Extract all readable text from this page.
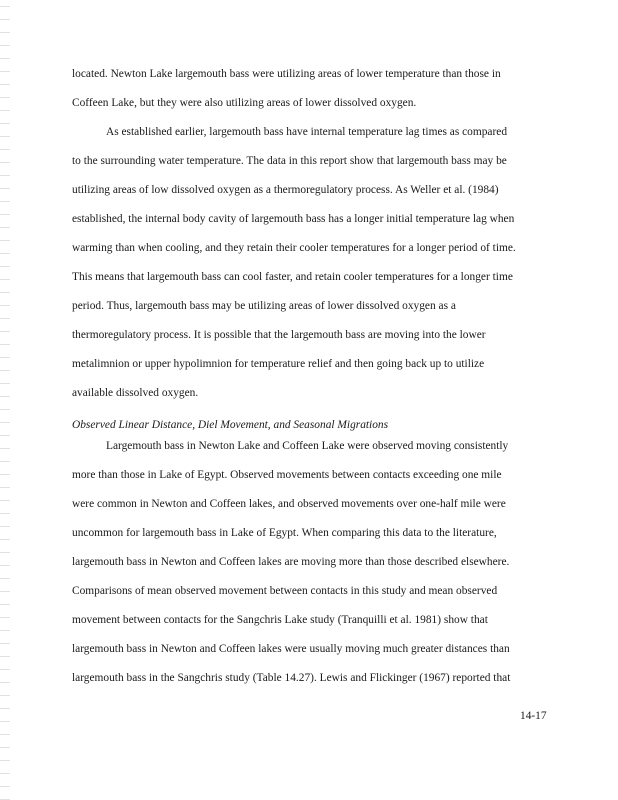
located. Newton Lake largemouth bass were utilizing areas of lower temperature than those in
Coffeen Lake, but they were also utilizing areas of lower dissolved oxygen.
As established earlier, largemouth bass have internal temperature lag times as compared
to the surrounding water temperature. The data in this report show that largemouth bass may be
utilizing areas of low dissolved oxygen as a thermoregulatory process. As Weller et al. (1984)
established, the internal body cavity of largemouth bass has a longer initial temperature lag when
warming than when cooling, and they retain their cooler temperatures for a longer period of time.
This means that largemouth bass can cool faster, and retain cooler temperatures for a longer time
period. Thus, largemouth bass may be utilizing areas of lower dissolved oxygen as a
thermoregulatory process. It is possible that the largemouth bass are moving into the lower
metalimnion or upper hypolimnion for temperature relief and then going back up to utilize
available dissolved oxygen.
Observed Linear Distance, Diel Movement, and Seasonal Migrations
Largemouth bass in Newton Lake and Coffeen Lake were observed moving consistently
more than those in Lake of Egypt. Observed movements between contacts exceeding one mile
were common in Newton and Coffeen lakes, and observed movements over one-half mile were
uncommon for largemouth bass in Lake of Egypt. When comparing this data to the literature,
largemouth bass in Newton and Coffeen lakes are moving more than those described elsewhere.
Comparisons of mean observed movement between contacts in this study and mean observed
movement between contacts for the Sangchris Lake study (Tranquilli et al. 1981) show that
largemouth bass in Newton and Coffeen lakes were usually moving much greater distances than
largemouth bass in the Sangchris study (Table 14.27). Lewis and Flickinger (1967) reported that
14-17
